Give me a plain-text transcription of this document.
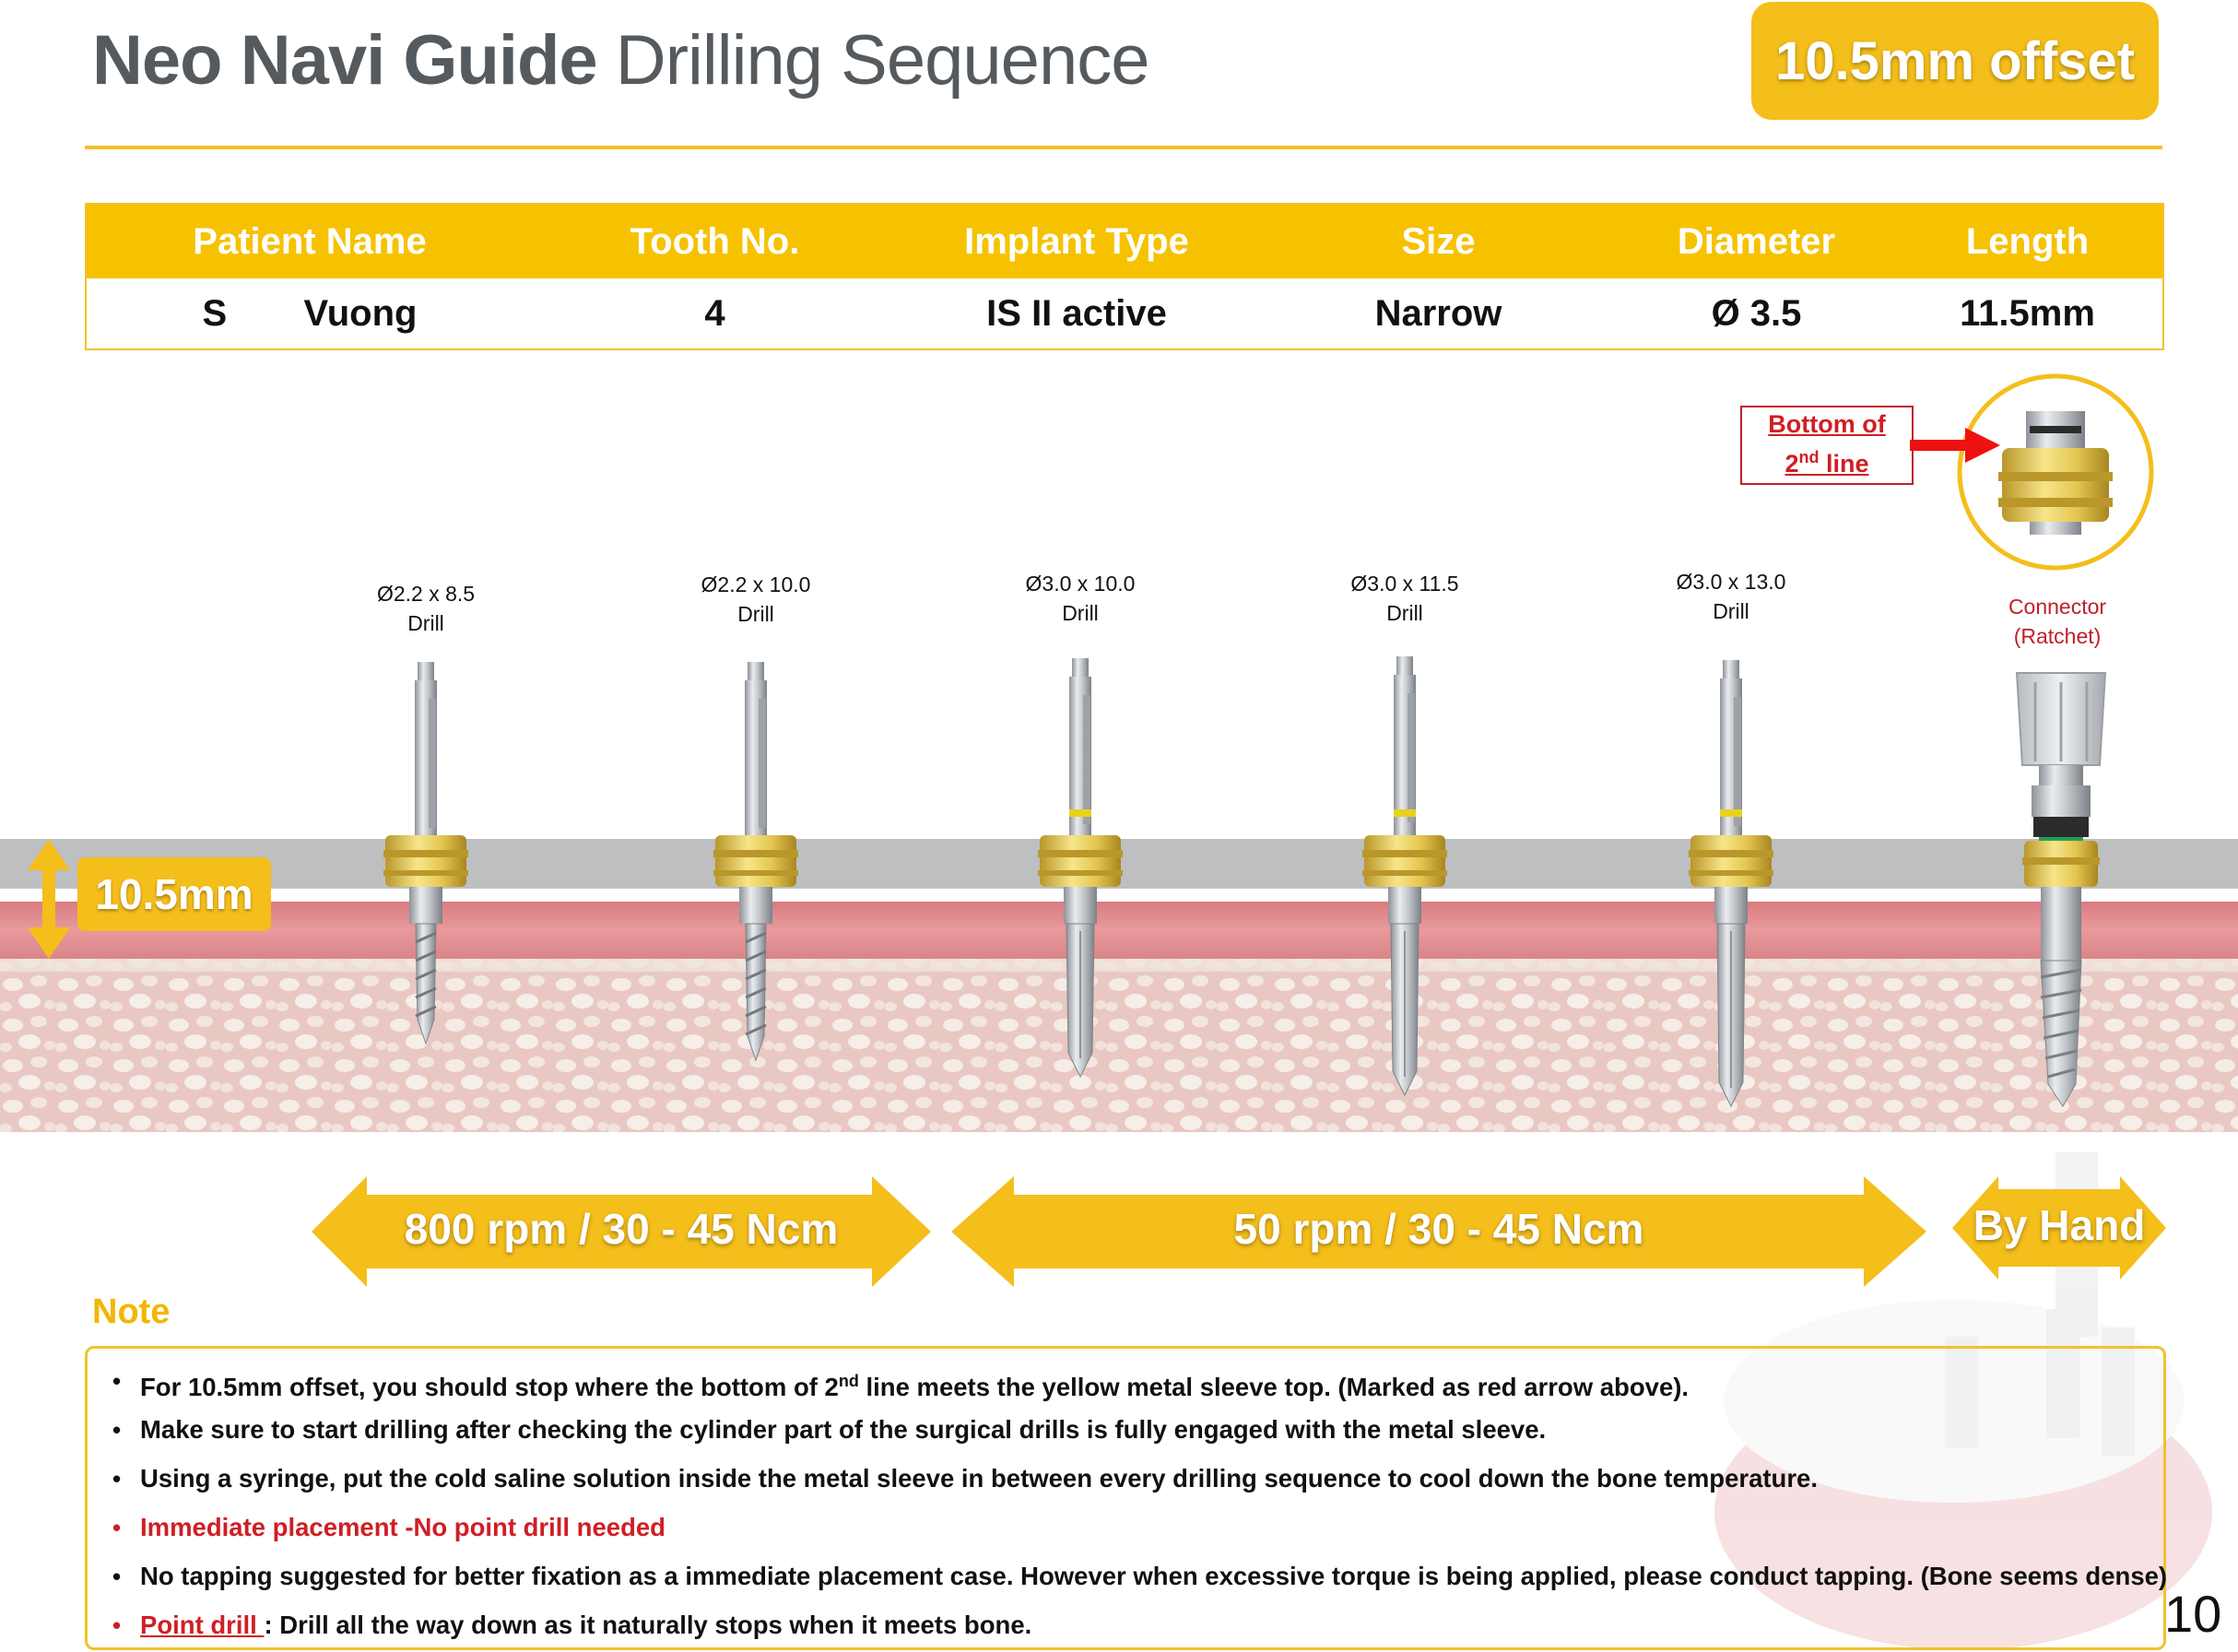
Neo Navi Guide Drilling Sequence	10.5mm offset
Patient Name	Tooth No.	Implant Type	Size	Diameter	Length
S Vuong	4	IS II active	Narrow	Ø 3.5	11.5mm
Bottom of
2nd line
Ø2.2 x 8.5
Drill
Ø2.2 x 10.0
Drill
Ø3.0 x 10.0
Drill
Ø3.0 x 11.5
Drill
Ø3.0 x 13.0
Drill	Connector
(Ratchet)
10.5mm
800 rpm / 30 - 45 Ncm	50 rpm / 30 - 45 Ncm	By Hand
Note
• For 10.5mm offset, you should stop where the bottom of 2nd line meets the yellow metal sleeve top. (Marked as red arrow above).
• Make sure to start drilling after checking the cylinder part of the surgical drills is fully engaged with the metal sleeve.
• Using a syringe, put the cold saline solution inside the metal sleeve in between every drilling sequence to cool down the bone temperature.
• Immediate placement -No point drill needed
• No tapping suggested for better fixation as a immediate placement case. However when excessive torque is being applied, please conduct tapping. (Bone seems dense)
• Point drill : Drill all the way down as it naturally stops when it meets bone.	10
